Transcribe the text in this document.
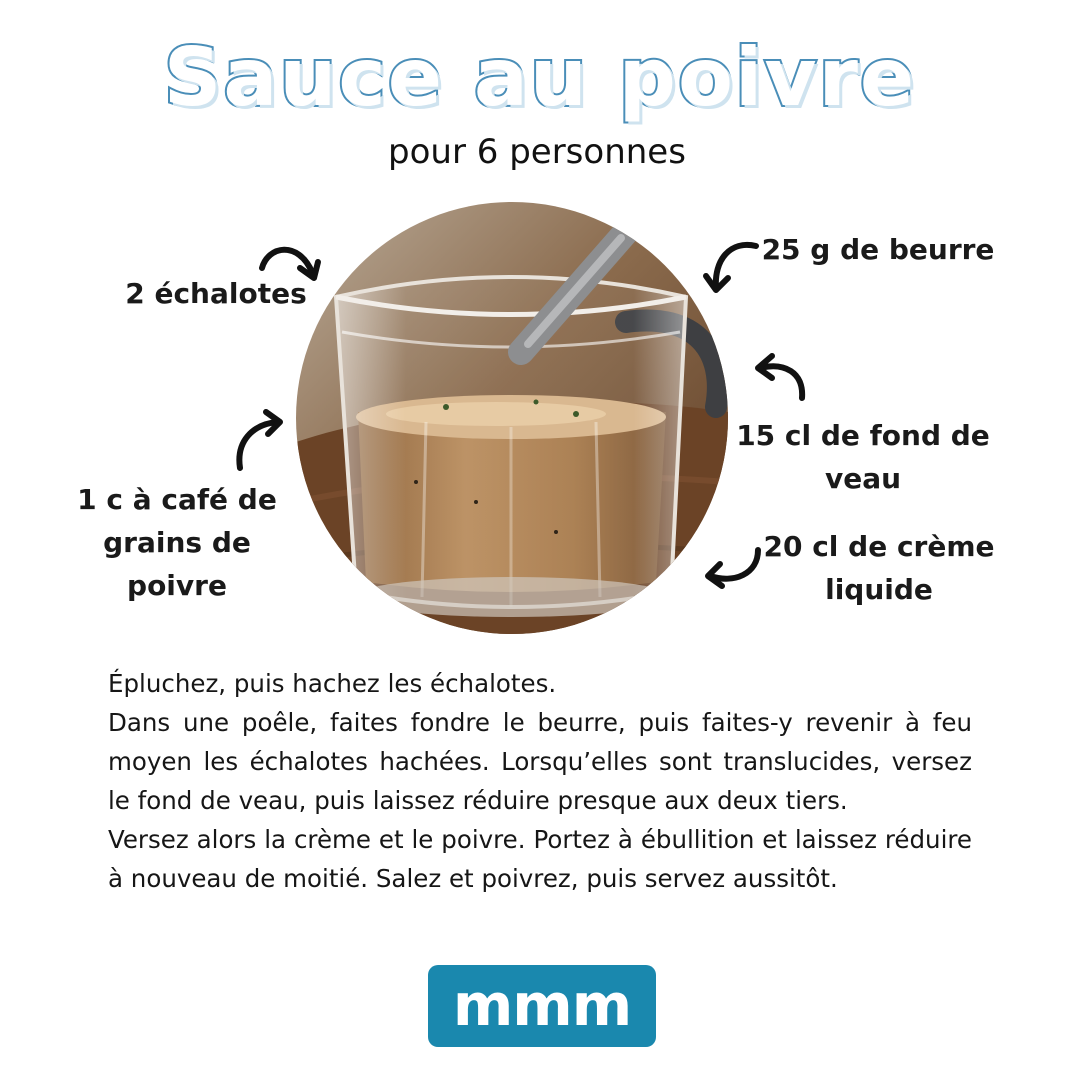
Sauce au poivre
pour 6 personnes
2 échalotes
25 g de beurre
15 cl de fond de veau
20 cl de crème liquide
1 c à café de grains de poivre

Épluchez, puis hachez les échalotes.

Dans une poêle, faites fondre le beurre, puis faites-y revenir à feu moyen les échalotes hachées. Lorsqu’elles sont translucides, versez le fond de veau, puis laissez réduire presque aux deux tiers.

Versez alors la crème et le poivre. Portez à ébullition et laissez réduire à nouveau de moitié. Salez et poivrez, puis servez aussitôt.

mmm
